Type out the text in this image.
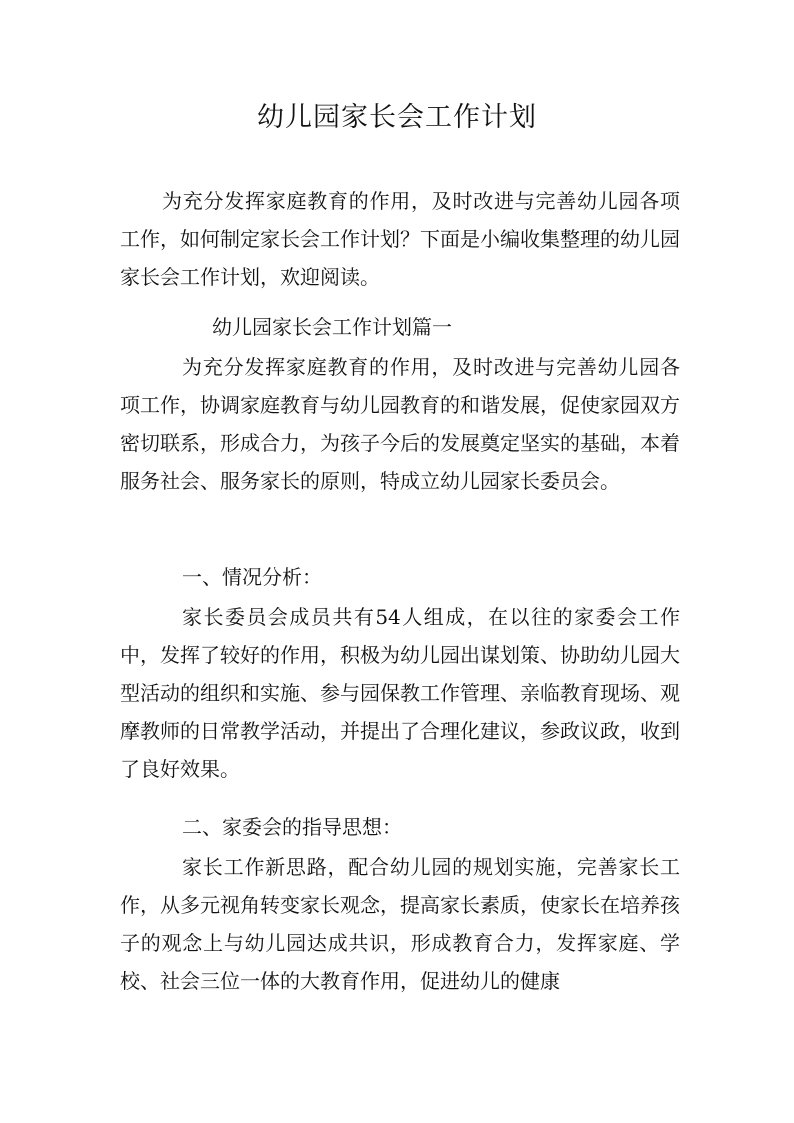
幼儿园家长会工作计划

为充分发挥家庭教育的作用，及时改进与完善幼儿园各项工作，如何制定家长会工作计划？下面是小编收集整理的幼儿园家长会工作计划，欢迎阅读。

幼儿园家长会工作计划篇一

为充分发挥家庭教育的作用，及时改进与完善幼儿园各项工作，协调家庭教育与幼儿园教育的和谐发展，促使家园双方密切联系，形成合力，为孩子今后的发展奠定坚实的基础，本着服务社会、服务家长的原则，特成立幼儿园家长委员会。

一、情况分析：

家长委员会成员共有54人组成，在以往的家委会工作中，发挥了较好的作用，积极为幼儿园出谋划策、协助幼儿园大型活动的组织和实施、参与园保教工作管理、亲临教育现场、观摩教师的日常教学活动，并提出了合理化建议，参政议政，收到了良好效果。

二、家委会的指导思想：

家长工作新思路，配合幼儿园的规划实施，完善家长工作，从多元视角转变家长观念，提高家长素质，使家长在培养孩子的观念上与幼儿园达成共识，形成教育合力，发挥家庭、学校、社会三位一体的大教育作用，促进幼儿的健康
